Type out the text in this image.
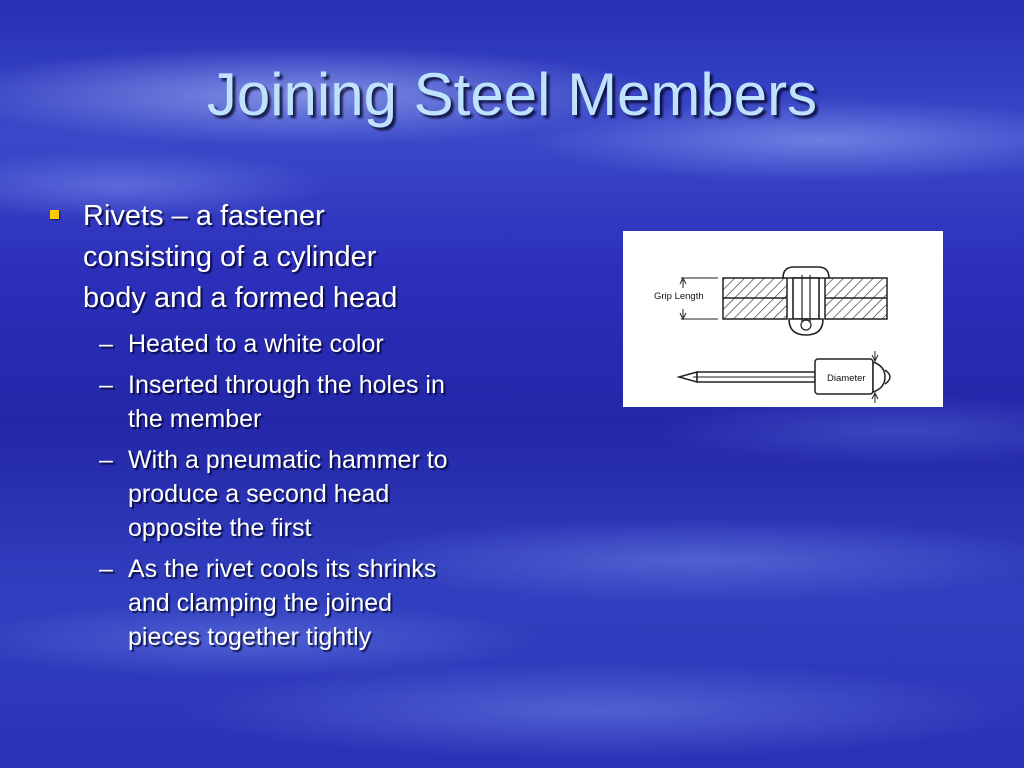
Joining Steel Members
Rivets – a fastener
consisting of a cylinder
body and a formed head
– Heated to a white color
– Inserted through the holes in
the member
– With a pneumatic hammer to
produce a second head
opposite the first
– As the rivet cools its shrinks
and clamping the joined
pieces together tightly
Grip Length
Diameter
